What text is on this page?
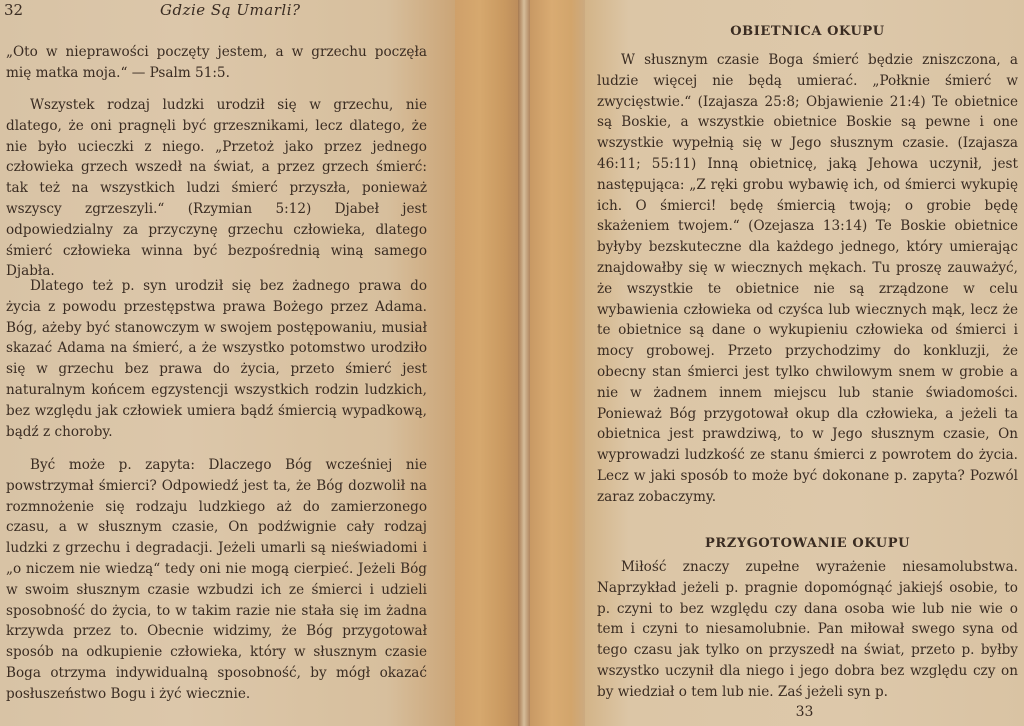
32	Gdzie Są Umarli?

„Oto w nieprawości poczęty jestem, a w grzechu poczęła mię matka moja.“ — Psalm 51:5.

Wszystek rodzaj ludzki urodził się w grzechu, nie dlatego, że oni pragnęli być grzesznikami, lecz dlatego, że nie było ucieczki z niego. „Przetoż jako przez jednego człowieka grzech wszedł na świat, a przez grzech śmierć: tak też na wszystkich ludzi śmierć przyszła, ponieważ wszyscy zgrzeszyli.“ (Rzymian 5:12) Djabeł jest odpowiedzialny za przyczynę grzechu człowieka, dlatego śmierć człowieka winna być bezpośrednią winą samego Djabła.

Dlatego też p. syn urodził się bez żadnego prawa do życia z powodu przestępstwa prawa Bożego przez Adama. Bóg, ażeby być stanowczym w swojem postępowaniu, musiał skazać Adama na śmierć, a że wszystko potomstwo urodziło się w grzechu bez prawa do życia, przeto śmierć jest naturalnym końcem egzystencji wszystkich rodzin ludzkich, bez względu jak człowiek umiera bądź śmiercią wypadkową, bądź z choroby.

Być może p. zapyta: Dlaczego Bóg wcześniej nie powstrzymał śmierci? Odpowiedź jest ta, że Bóg dozwolił na rozmnożenie się rodzaju ludzkiego aż do zamierzonego czasu, a w słusznym czasie, On podźwignie cały rodzaj ludzki z grzechu i degradacji. Jeżeli umarli są nieświadomi i „o niczem nie wiedzą“ tedy oni nie mogą cierpieć. Jeżeli Bóg w swoim słusznym czasie wzbudzi ich ze śmierci i udzieli sposobność do życia, to w takim razie nie stała się im żadna krzywda przez to. Obecnie widzimy, że Bóg przygotował sposób na odkupienie człowieka, który w słusznym czasie Boga otrzyma indywidualną sposobność, by mógł okazać posłuszeństwo Bogu i żyć wiecznie.

OBIETNICA OKUPU

W słusznym czasie Boga śmierć będzie zniszczona, a ludzie więcej nie będą umierać. „Połknie śmierć w zwycięstwie.“ (Izajasza 25:8; Objawienie 21:4) Te obietnice są Boskie, a wszystkie obietnice Boskie są pewne i one wszystkie wypełnią się w Jego słusznym czasie. (Izajasza 46:11; 55:11) Inną obietnicę, jaką Jehowa uczynił, jest następująca: „Z ręki grobu wybawię ich, od śmierci wykupię ich. O śmierci! będę śmiercią twoją; o grobie będę skażeniem twojem.“ (Ozejasza 13:14) Te Boskie obietnice byłyby bezskuteczne dla każdego jednego, który umierając znajdowałby się w wiecznych mękach. Tu proszę zauważyć, że wszystkie te obietnice nie są zrządzone w celu wybawienia człowieka od czyśca lub wiecznych mąk, lecz że te obietnice są dane o wykupieniu człowieka od śmierci i mocy grobowej. Przeto przychodzimy do konkluzji, że obecny stan śmierci jest tylko chwilowym snem w grobie a nie w żadnem innem miejscu lub stanie świadomości. Ponieważ Bóg przygotował okup dla człowieka, a jeżeli ta obietnica jest prawdziwą, to w Jego słusznym czasie, On wyprowadzi ludzkość ze stanu śmierci z powrotem do życia. Lecz w jaki sposób to może być dokonane p. zapyta? Pozwól zaraz zobaczymy.

PRZYGOTOWANIE OKUPU

Miłość znaczy zupełne wyrażenie niesamolubstwa. Naprzykład jeżeli p. pragnie dopomógnąć jakiejś osobie, to p. czyni to bez względu czy dana osoba wie lub nie wie o tem i czyni to niesamolubnie. Pan miłował swego syna od tego czasu jak tylko on przyszedł na świat, przeto p. byłby wszystko uczynił dla niego i jego dobra bez względu czy on by wiedział o tem lub nie. Zaś jeżeli syn p.

33
